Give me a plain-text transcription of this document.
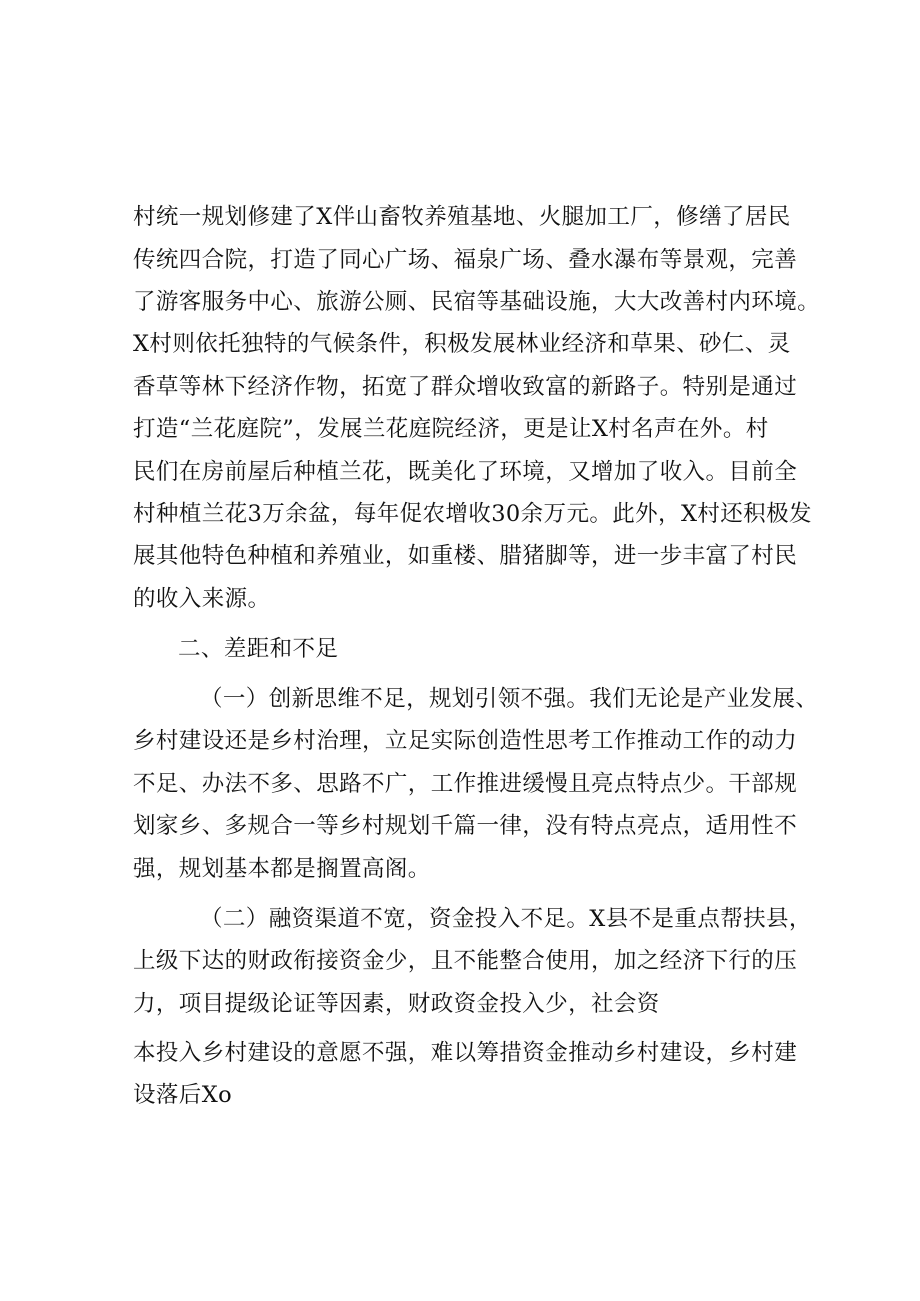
村统一规划修建了X伴山畜牧养殖基地、火腿加工厂，修缮了居民
传统四合院，打造了同心广场、福泉广场、叠水瀑布等景观，完善
了游客服务中心、旅游公厕、民宿等基础设施，大大改善村内环境。
X村则依托独特的气候条件，积极发展林业经济和草果、砂仁、灵
香草等林下经济作物，拓宽了群众增收致富的新路子。特别是通过
打造“兰花庭院”，发展兰花庭院经济，更是让X村名声在外。村
民们在房前屋后种植兰花，既美化了环境，又增加了收入。目前全
村种植兰花3万余盆，每年促农增收30余万元。此外，X村还积极发
展其他特色种植和养殖业，如重楼、腊猪脚等，进一步丰富了村民
的收入来源。
二、差距和不足
（一）创新思维不足，规划引领不强。我们无论是产业发展、
乡村建设还是乡村治理，立足实际创造性思考工作推动工作的动力
不足、办法不多、思路不广，工作推进缓慢且亮点特点少。干部规
划家乡、多规合一等乡村规划千篇一律，没有特点亮点，适用性不
强，规划基本都是搁置高阁。
（二）融资渠道不宽，资金投入不足。X县不是重点帮扶县，
上级下达的财政衔接资金少，且不能整合使用，加之经济下行的压
力，项目提级论证等因素，财政资金投入少，社会资
本投入乡村建设的意愿不强，难以筹措资金推动乡村建设，乡村建
设落后Xo
